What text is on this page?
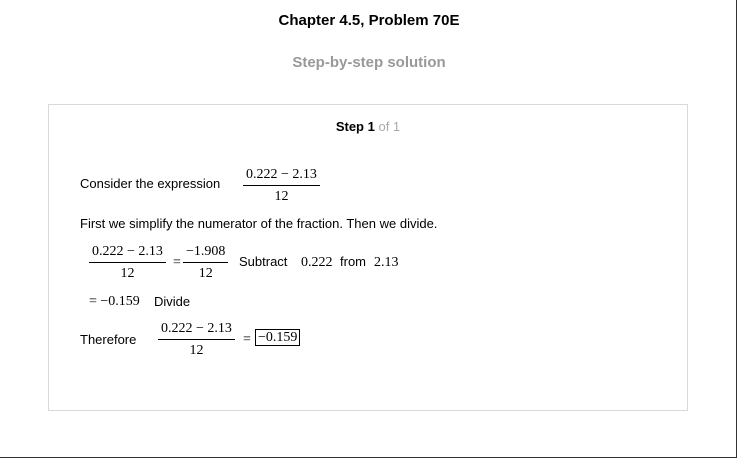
Chapter 4.5, Problem 70E
Step-by-step solution
Step 1 of 1
Consider the expression $\frac{0.222 - 2.13}{12}$
First we simplify the numerator of the fraction. Then we divide.
$\frac{0.222 - 2.13}{12} = \frac{-1.908}{12}$ Subtract 0.222 from 2.13
= −0.159 Divide
Therefore $\frac{0.222 - 2.13}{12} = -0.159$
